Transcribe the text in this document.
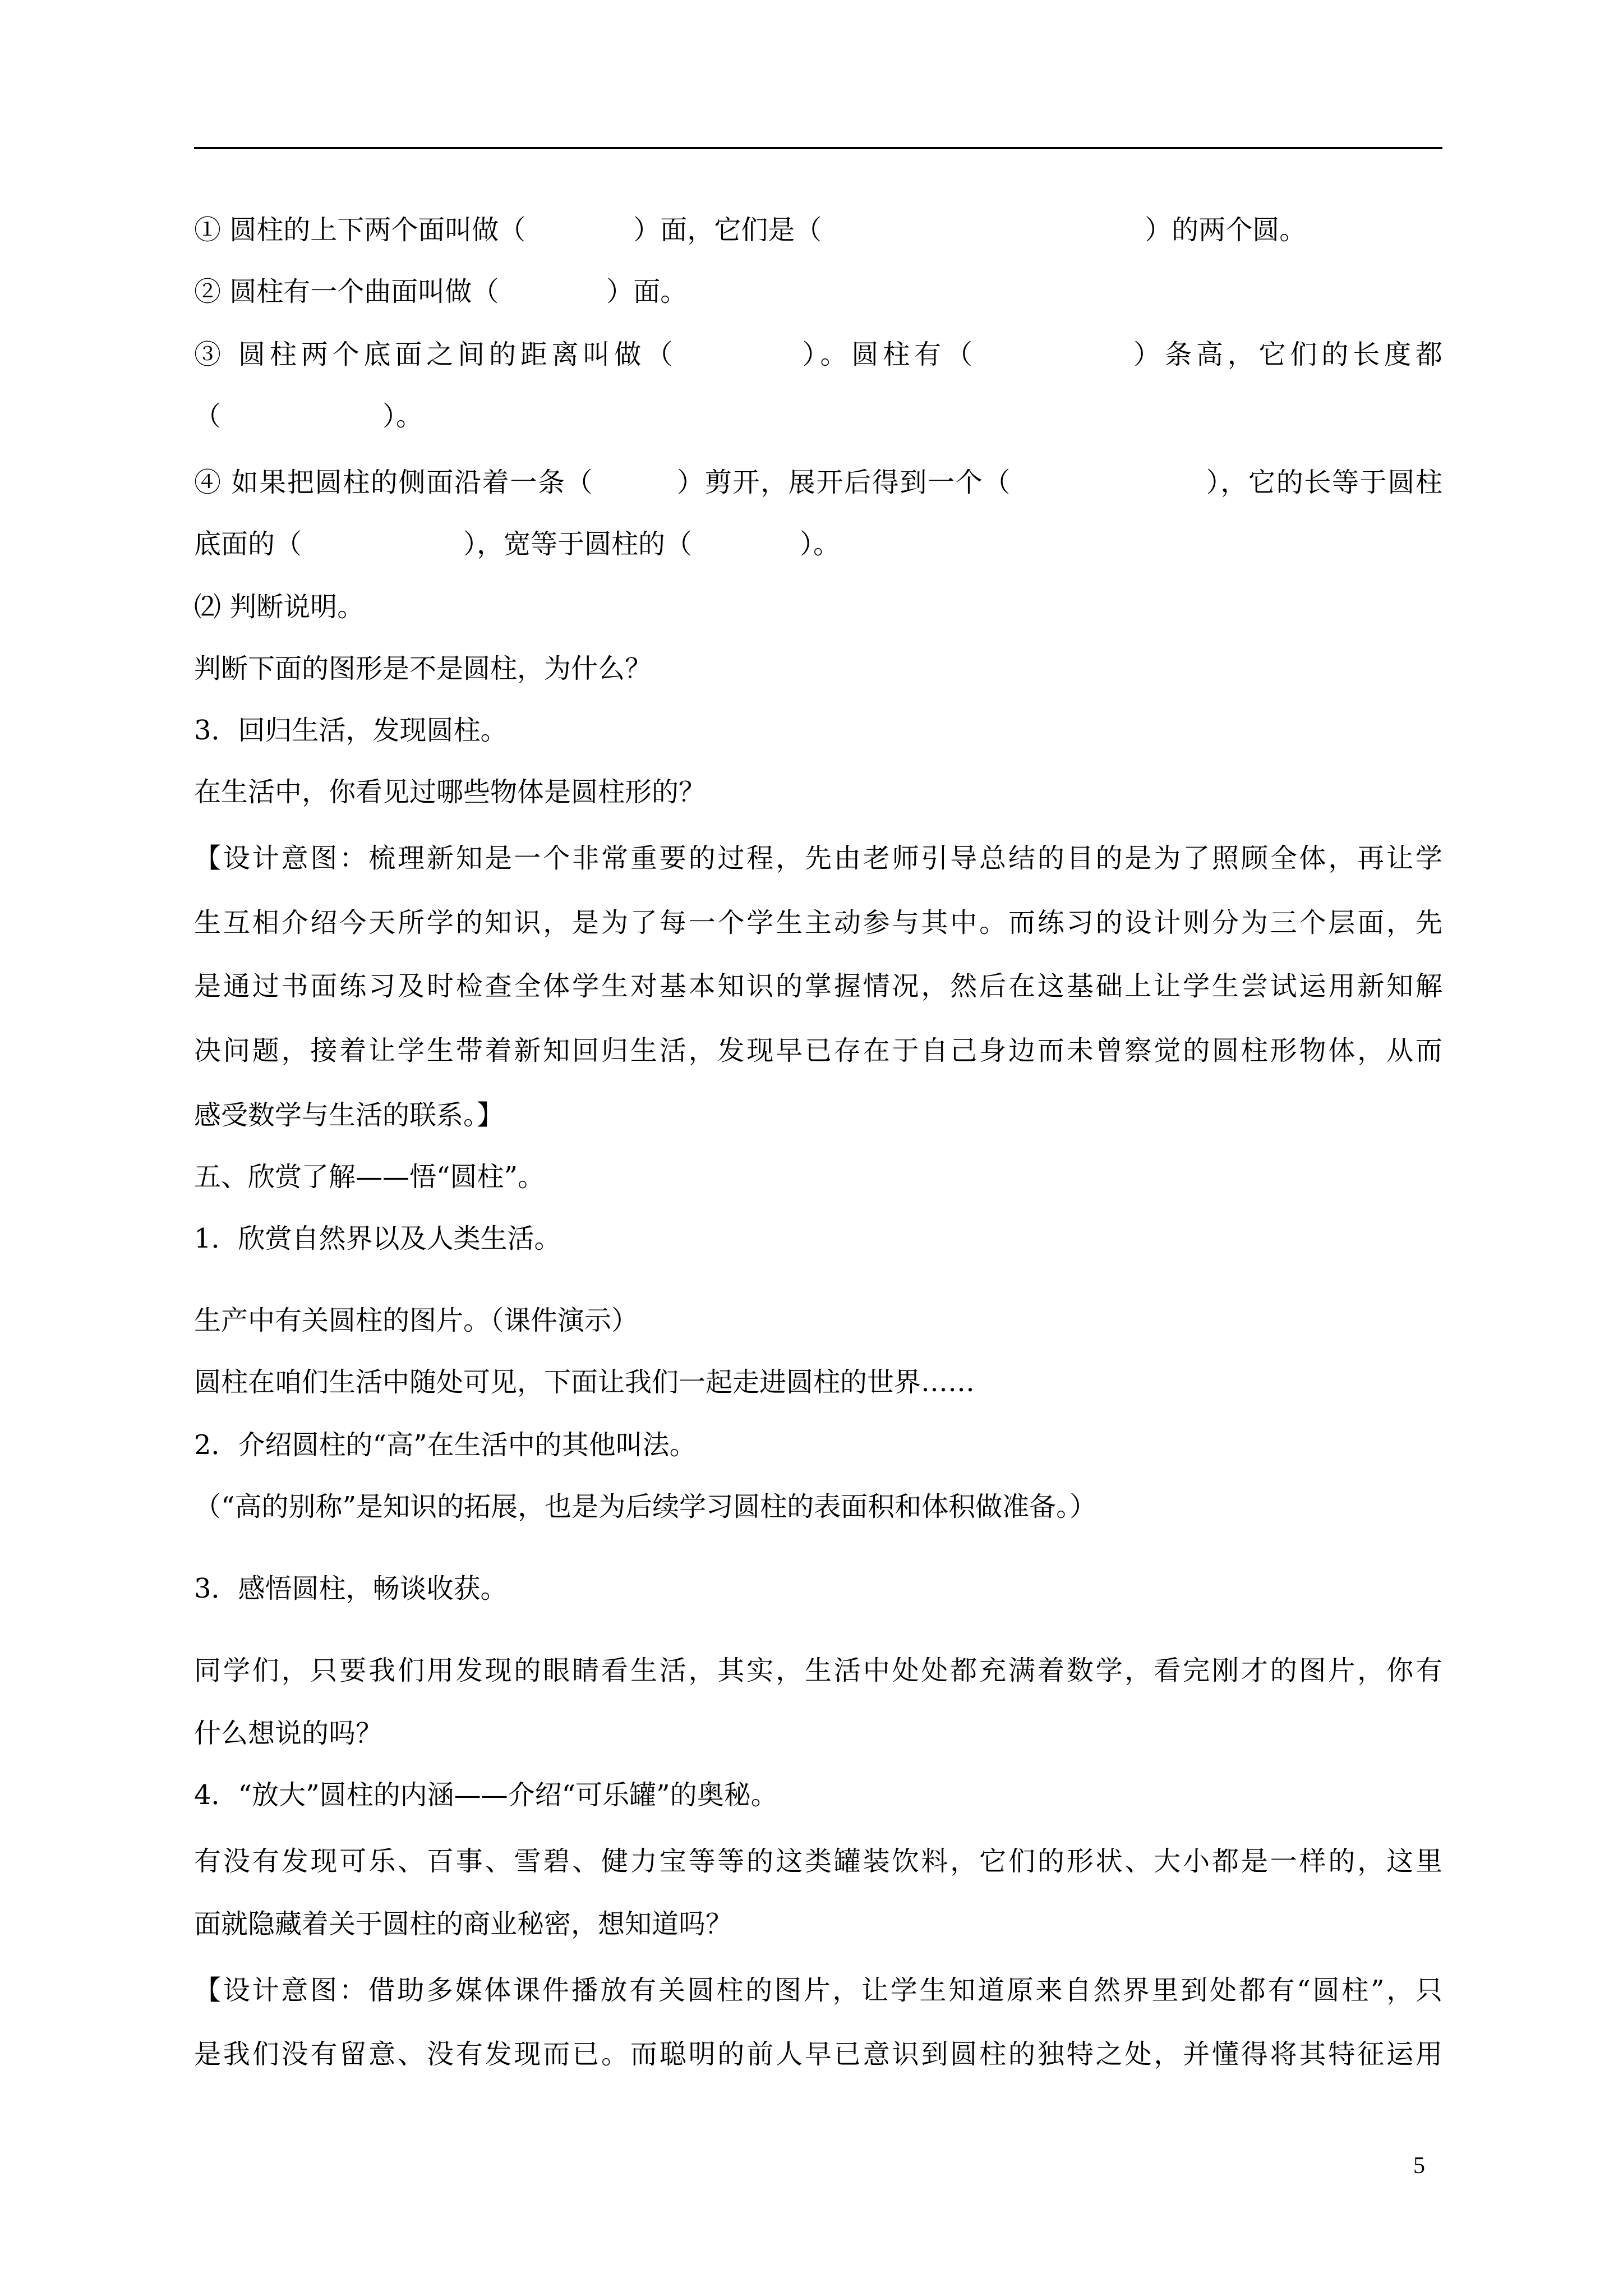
① 圆柱的上下两个面叫做（　　　　）面，它们是（　　　　　　　　　　　　）的两个圆。
② 圆柱有一个曲面叫做（　　　　）面。
③ 圆柱两个底面之间的距离叫做（　　　　）。圆柱有（　　　　　）条高，它们的长度都
（　　　　　　）。
④ 如果把圆柱的侧面沿着一条（　　　）剪开，展开后得到一个（　　　　　　　），它的长等于圆柱
底面的（　　　　　　），宽等于圆柱的（　　　　）。
⑵ 判断说明。
判断下面的图形是不是圆柱，为什么？
3．回归生活，发现圆柱。
在生活中，你看见过哪些物体是圆柱形的？
【设计意图：梳理新知是一个非常重要的过程，先由老师引导总结的目的是为了照顾全体，再让学
生互相介绍今天所学的知识，是为了每一个学生主动参与其中。而练习的设计则分为三个层面，先
是通过书面练习及时检查全体学生对基本知识的掌握情况，然后在这基础上让学生尝试运用新知解
决问题，接着让学生带着新知回归生活，发现早已存在于自己身边而未曾察觉的圆柱形物体，从而
感受数学与生活的联系。】
五、欣赏了解——悟“圆柱”。
1．欣赏自然界以及人类生活。
生产中有关圆柱的图片。（课件演示）
圆柱在咱们生活中随处可见，下面让我们一起走进圆柱的世界……
2．介绍圆柱的“高”在生活中的其他叫法。
（“高的别称”是知识的拓展，也是为后续学习圆柱的表面积和体积做准备。）
3．感悟圆柱，畅谈收获。
同学们，只要我们用发现的眼睛看生活，其实，生活中处处都充满着数学，看完刚才的图片，你有
什么想说的吗？
4．“放大”圆柱的内涵——介绍“可乐罐”的奥秘。
有没有发现可乐、百事、雪碧、健力宝等等的这类罐装饮料，它们的形状、大小都是一样的，这里
面就隐藏着关于圆柱的商业秘密，想知道吗？
【设计意图：借助多媒体课件播放有关圆柱的图片，让学生知道原来自然界里到处都有“圆柱”，只
是我们没有留意、没有发现而已。而聪明的前人早已意识到圆柱的独特之处，并懂得将其特征运用
5
